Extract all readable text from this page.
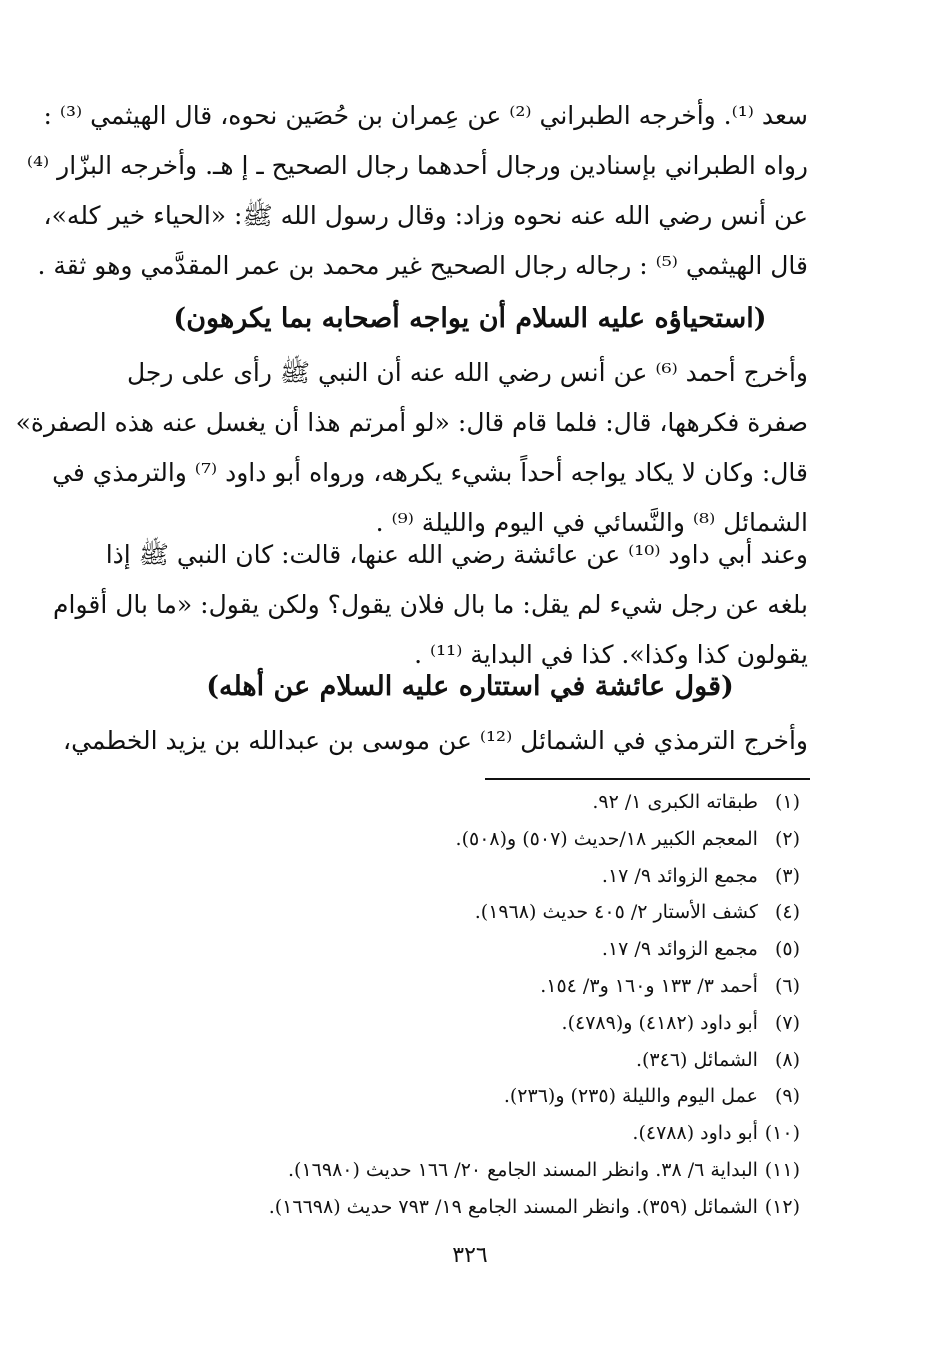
سعد ⁽¹⁾. وأخرجه الطبراني ⁽²⁾ عن عِمران بن حُصَين نحوه، قال الهيثمي ⁽³⁾ :
رواه الطبراني بإسنادين ورجال أحدهما رجال الصحيح ـ إ هـ. وأخرجه البزّار ⁽⁴⁾
عن أنس رضي الله عنه نحوه وزاد: وقال رسول الله ﷺ: «الحياء خير كله»،
قال الهيثمي ⁽⁵⁾ : رجاله رجال الصحيح غير محمد بن عمر المقدَّمي وهو ثقة .
(استحياؤه عليه السلام أن يواجه أصحابه بما يكرهون)
وأخرج أحمد ⁽⁶⁾ عن أنس رضي الله عنه أن النبي ﷺ رأى على رجل
صفرة فكرهها، قال: فلما قام قال: «لو أمرتم هذا أن يغسل عنه هذه الصفرة»
قال: وكان لا يكاد يواجه أحداً بشيء يكرهه، ورواه أبو داود ⁽⁷⁾ والترمذي في
الشمائل ⁽⁸⁾ والنَّسائي في اليوم والليلة ⁽⁹⁾ .
وعند أبي داود ⁽¹⁰⁾ عن عائشة رضي الله عنها، قالت: كان النبي ﷺ إذا
بلغه عن رجل شيء لم يقل: ما بال فلان يقول؟ ولكن يقول: «ما بال أقوام
يقولون كذا وكذا». كذا في البداية ⁽¹¹⁾ .
(قول عائشة في استتاره عليه السلام عن أهله)
وأخرج الترمذي في الشمائل ⁽¹²⁾ عن موسى بن عبدالله بن يزيد الخطمي،
(١) طبقاته الكبرى ١/ ٩٢.
(٢) المعجم الكبير ١٨/حديث (٥٠٧) و(٥٠٨).
(٣) مجمع الزوائد ٩/ ١٧.
(٤) كشف الأستار ٢/ ٤٠٥ حديث (١٩٦٨).
(٥) مجمع الزوائد ٩/ ١٧.
(٦) أحمد ٣/ ١٣٣ و١٦٠ و٣/ ١٥٤.
(٧) أبو داود (٤١٨٢) و(٤٧٨٩).
(٨) الشمائل (٣٤٦).
(٩) عمل اليوم والليلة (٢٣٥) و(٢٣٦).
(١٠) أبو داود (٤٧٨٨).
(١١) البداية ٦/ ٣٨. وانظر المسند الجامع ٢٠/ ١٦٦ حديث (١٦٩٨٠).
(١٢) الشمائل (٣٥٩). وانظر المسند الجامع ١٩/ ٧٩٣ حديث (١٦٦٩٨).
٣٢٦
